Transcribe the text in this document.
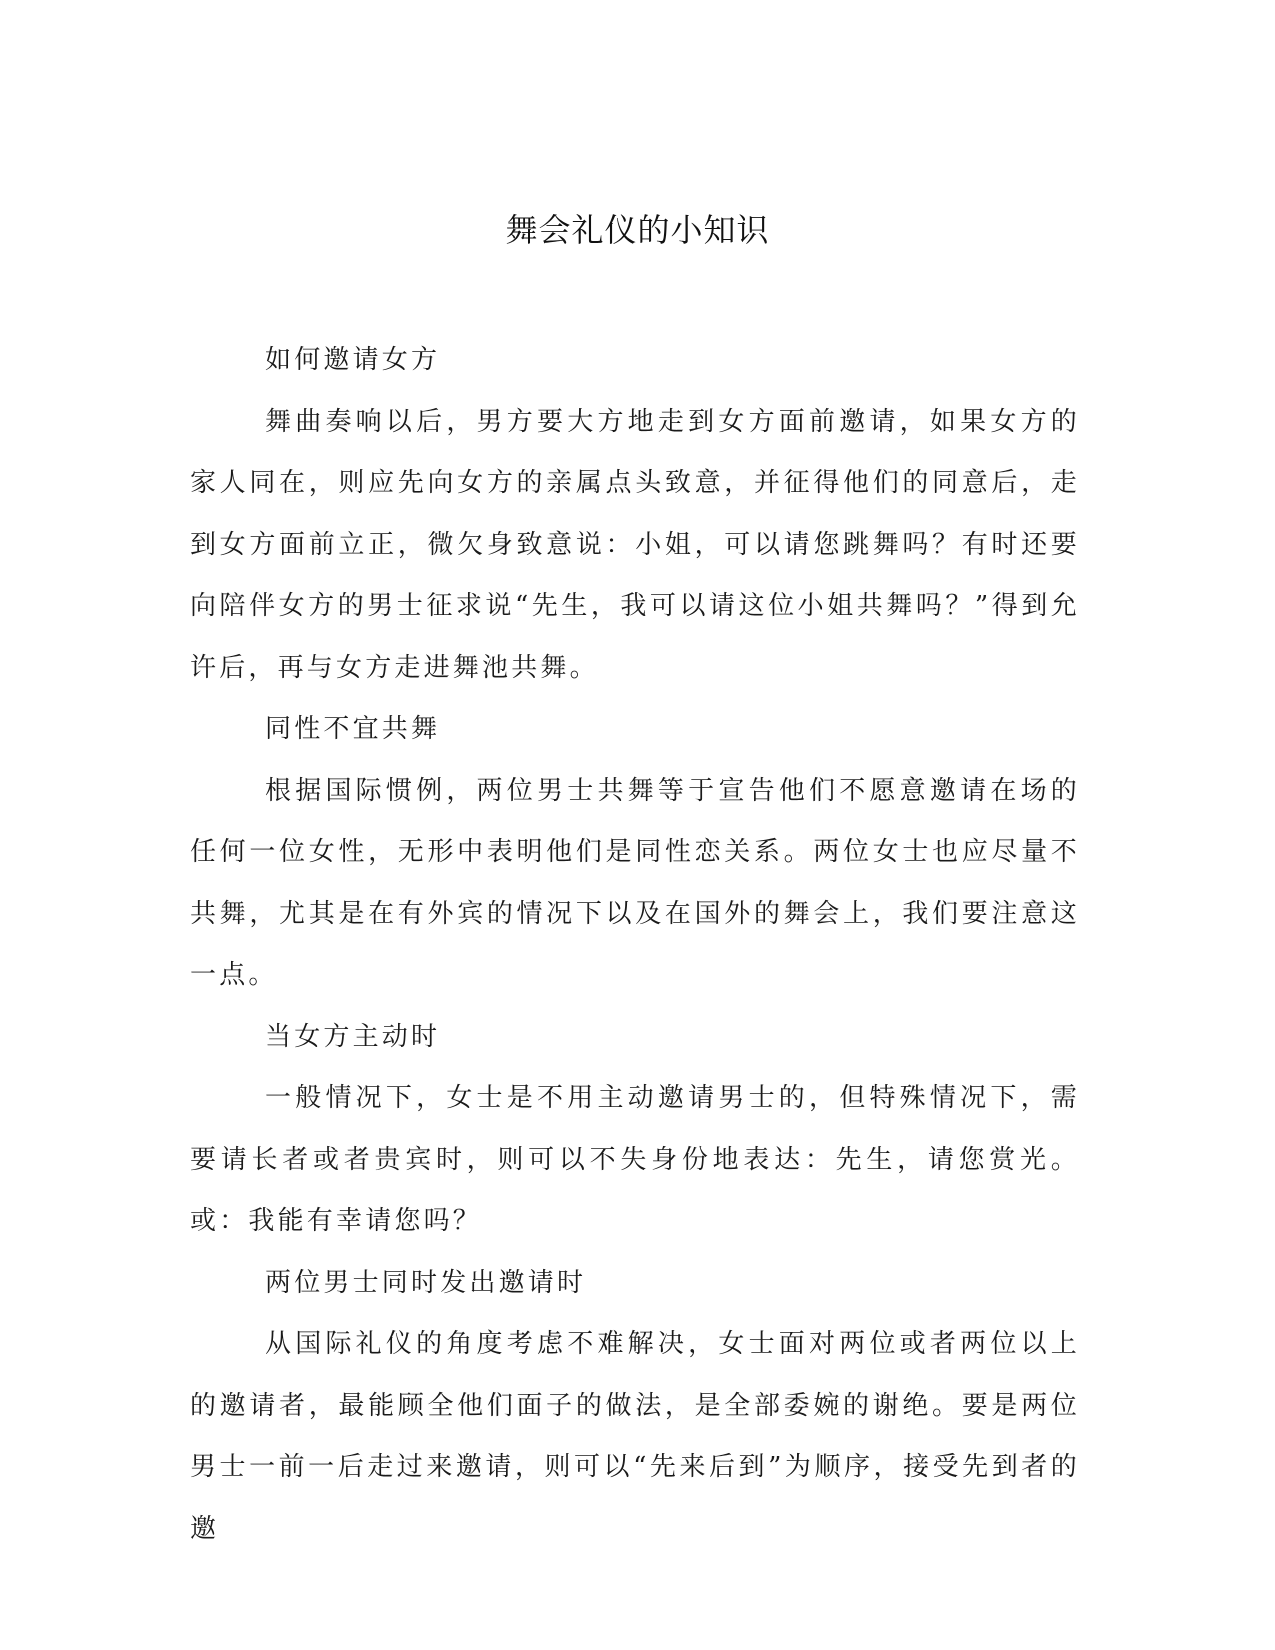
舞会礼仪的小知识

如何邀请女方

舞曲奏响以后，男方要大方地走到女方面前邀请，如果女方的家人同在，则应先向女方的亲属点头致意，并征得他们的同意后，走到女方面前立正，微欠身致意说：小姐，可以请您跳舞吗？有时还要向陪伴女方的男士征求说“先生，我可以请这位小姐共舞吗？”得到允许后，再与女方走进舞池共舞。

同性不宜共舞

根据国际惯例，两位男士共舞等于宣告他们不愿意邀请在场的任何一位女性，无形中表明他们是同性恋关系。两位女士也应尽量不共舞，尤其是在有外宾的情况下以及在国外的舞会上，我们要注意这一点。

当女方主动时

一般情况下，女士是不用主动邀请男士的，但特殊情况下，需要请长者或者贵宾时，则可以不失身份地表达：先生，请您赏光。或：我能有幸请您吗？

两位男士同时发出邀请时

从国际礼仪的角度考虑不难解决，女士面对两位或者两位以上的邀请者，最能顾全他们面子的做法，是全部委婉的谢绝。要是两位男士一前一后走过来邀请，则可以“先来后到”为顺序，接受先到者的邀
